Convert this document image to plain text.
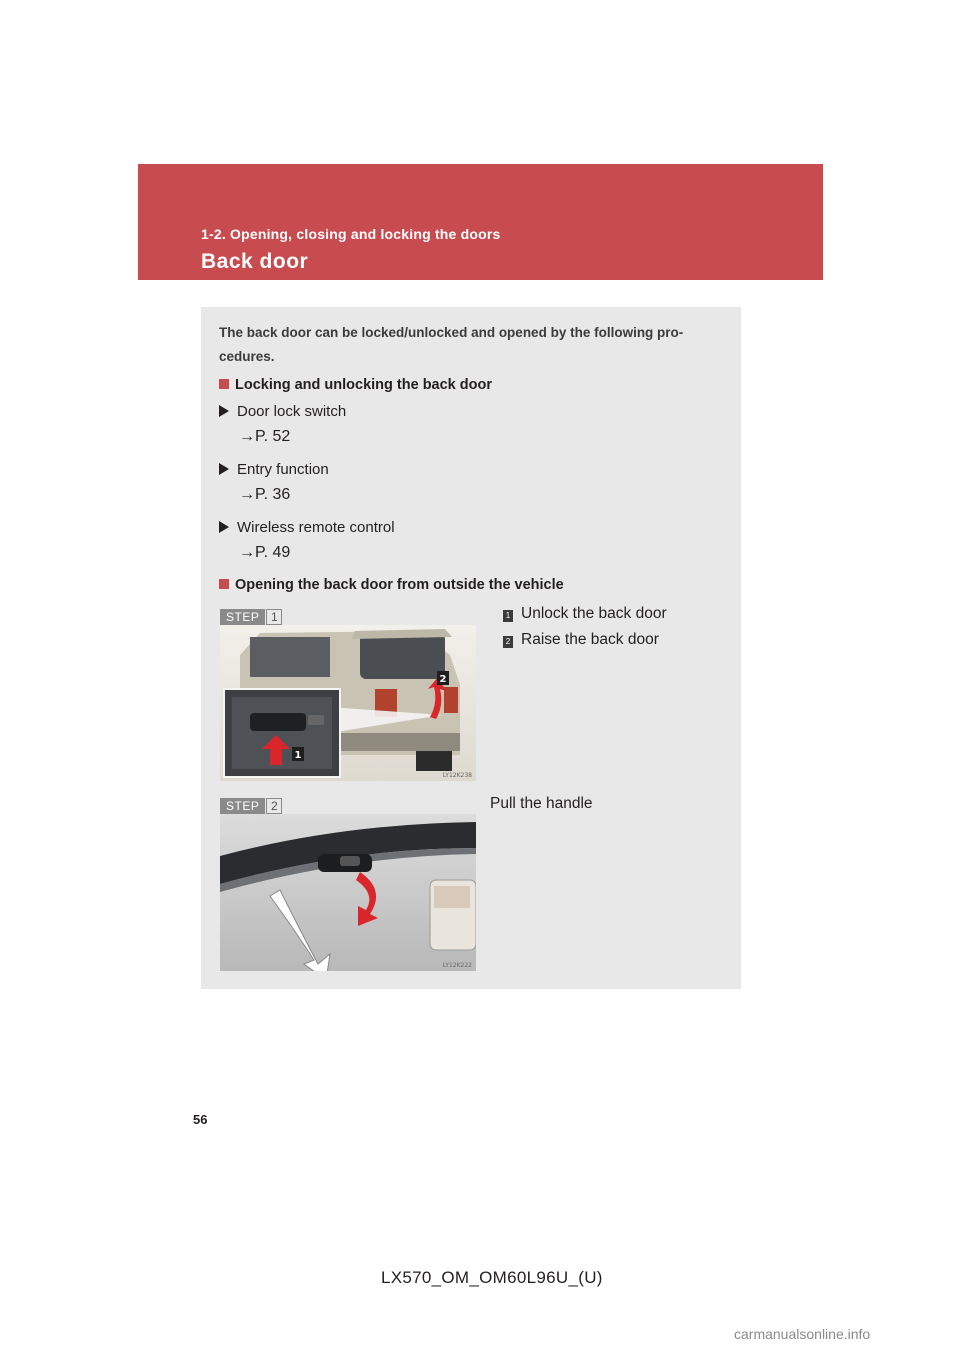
1-2. Opening, closing and locking the doors
Back door
The back door can be locked/unlocked and opened by the following pro-cedures.
Locking and unlocking the back door
Door lock switch
→P. 52
Entry function
→P. 36
Wireless remote control
→P. 49
Opening the back door from outside the vehicle
STEP 1
1
2
LY12K238
1 Unlock the back door
2 Raise the back door
STEP 2
LY12K222
Pull the handle
56
LX570_OM_OM60L96U_(U)
carmanualsonline.info
